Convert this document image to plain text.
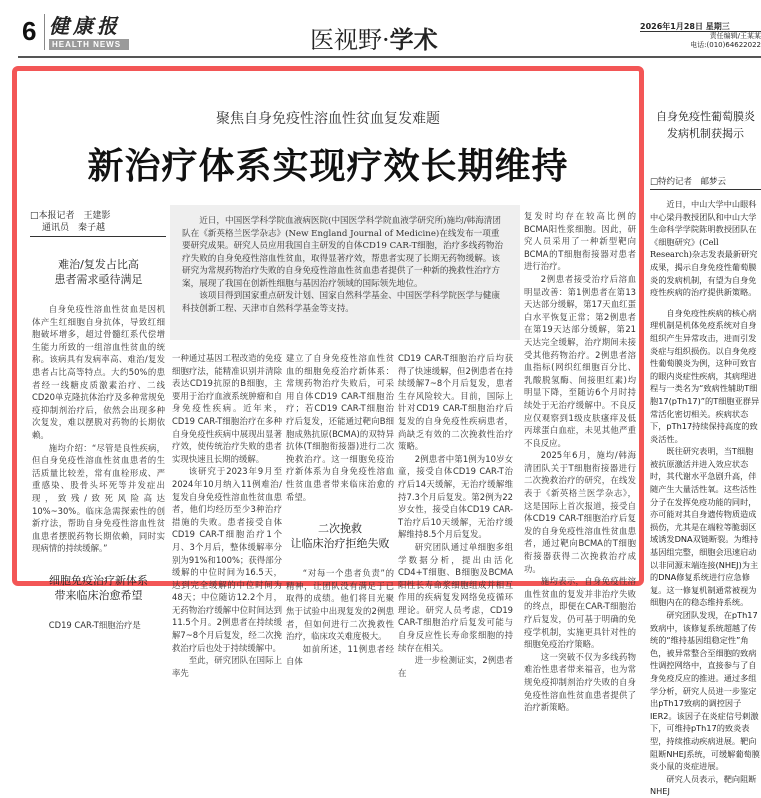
6 健康报
HEALTH NEWS	医视野·学术	2026年1月28日 星期三
责任编辑/王某某
电话:(010)64622022
聚焦自身免疫性溶血性贫血复发难题
新治疗体系实现疗效长期维持
□本报记者　王建影
通讯员　秦子越

近日，中国医学科学院血液病医院(中国医学科学院血液学研究所)施均/韩海清团队在《新英格兰医学杂志》(New England Journal of Medicine)在线发布一项重要研究成果。研究人员应用我国自主研发的自体CD19 CAR-T细胞，治疗多线药物治疗失败的自身免疫性溶血性贫血，取得显著疗效，帮患者实现了长期无药物缓解。该研究为常规药物治疗失败的自身免疫性溶血性贫血患者提供了一种新的挽救性治疗方案，展现了我国在创新性细胞与基因治疗领域的国际领先地位。

该项目得到国家重点研发计划、国家自然科学基金、中国医学科学院医学与健康科技创新工程、天津市自然科学基金等支持。

难治/复发占比高
患者需求亟待满足

自身免疫性溶血性贫血是因机体产生红细胞自身抗体，导致红细胞破坏增多，超过骨髓红系代偿增生能力所致的一组溶血性贫血的统称。该病具有发病率高、难治/复发患者占比高等特点。大约50%的患者经一线糖皮质激素治疗、二线CD20单克隆抗体治疗及多种常规免疫抑制剂治疗后，依然会出现多种次复发，难以摆脱对药物的长期依赖。

施均介绍：“尽管是良性疾病，但自身免疫性溶血性贫血患者的生活质量比较差，常有血栓形成、严重感染、股骨头坏死等并发症出现，致残/致死风险高达10%~30%。临床急需探索性的创新疗法，帮助自身免疫性溶血性贫血患者摆脱药物长期依赖，同时实现病情的持续缓解。”

细胞免疫治疗新体系
带来临床治愈希望

CD19 CAR-T细胞治疗是

一种通过基因工程改造的免疫细胞疗法，能精准识别并清除表达CD19抗原的B细胞，主要用于治疗血液系统肿瘤和自身免疫性疾病。近年来，CD19 CAR-T细胞治疗在多种自身免疫性疾病中展现出显著疗效，使传统治疗失败的患者实现快速且长期的缓解。

该研究于2023年9月至2024年10月纳入11例难治/复发自身免疫性溶血性贫血患者，他们均经历至少3种治疗措施的失败。患者接受自体CD19 CAR-T细胞治疗1个月、3个月后，整体缓解率分别为91%和100%；获得部分缓解的中位时间为16.5天，达到完全缓解的中位时间为48天；中位随访12.2个月，无药物治疗缓解中位时间达到11.5个月。2例患者在持续缓解7~8个月后复发，经二次挽救治疗后也处于持续缓解中。

至此，研究团队在国际上率先

建立了自身免疫性溶血性贫血的细胞免疫治疗新体系：常规药物治疗失败后，可采用自体CD19 CAR-T细胞治疗；若CD19 CAR-T细胞治疗后复发，还能通过靶向B细胞成熟抗原(BCMA)的双特异抗体(T细胞衔接器)进行二次挽救治疗。这一细胞免疫治疗新体系为自身免疫性溶血性贫血患者带来临床治愈的希望。

二次挽救
让临床治疗拒绝失败

“对每一个患者负责”的精神，让团队没有满足于已取得的成绩。他们将目光聚焦于试验中出现复发的2例患者，但如何进行二次挽救性治疗，临床攻关难度极大。

如前所述，11例患者经自体

CD19 CAR-T细胞治疗后均获得了快速缓解，但2例患者在持续缓解7~8个月后复发，患者生存风险较大。目前，国际上针对CD19 CAR-T细胞治疗后复发的自身免疫性疾病患者，尚缺乏有效的二次挽救性治疗策略。

2例患者中第1例为10岁女童，接受自体CD19 CAR-T治疗后14天缓解，无治疗缓解维持7.3个月后复发。第2例为22岁女性，接受自体CD19 CAR-T治疗后10天缓解，无治疗缓解维持8.5个月后复发。

研究团队通过单细胞多组学数据分析，提出由活化CD4+T细胞、B细胞及BCMA阳性长寿命浆细胞组成并相互作用的疾病复发网络免疫循环理论。研究人员考虑，CD19 CAR-T细胞治疗后复发可能与自身反应性长寿命浆细胞的持续存在相关。

进一步检测证实，2例患者在

复发时均存在较高比例的BCMA阳性浆细胞。因此，研究人员采用了一种新型靶向BCMA的T细胞衔接器对患者进行治疗。

2例患者接受治疗后溶血明显改善：第1例患者在第13天达部分缓解，第17天血红蛋白水平恢复正常；第2例患者在第19天达部分缓解，第21天达完全缓解，治疗期间未接受其他药物治疗。2例患者溶血指标(网织红细胞百分比、乳酸脱氢酶、间接胆红素)均明显下降，至随访6个月时持续处于无治疗缓解中。不良反应仅观察到1级皮肤瘙痒及低丙球蛋白血症，未见其他严重不良反应。

2025年6月，施均/韩海清团队关于T细胞衔接器进行二次挽救治疗的研究，在线发表于《新英格兰医学杂志》，这是国际上首次报道，接受自体CD19 CAR-T细胞治疗后复发的自身免疫性溶血性贫血患者，通过靶向BCMA的T细胞衔接器获得二次挽救治疗成功。

施均表示，自身免疫性溶血性贫血的复发并非治疗失败的终点，即便在CAR-T细胞治疗后复发，仍可基于明确的免疫学机制，实施更具针对性的细胞免疫治疗策略。

这一突破不仅为多线药物难治性患者带来福音，也为常规免疫抑制剂治疗失败的自身免疫性溶血性贫血患者提供了治疗新策略。

自身免疫性葡萄膜炎
发病机制获揭示
□特约记者　邮梦云

近日，中山大学中山眼科中心梁丹教授团队和中山大学生命科学学院陈明教授团队在《细胞研究》(Cell Research)杂志发表最新研究成果，揭示自身免疫性葡萄膜炎的发病机制，有望为自身免疫性疾病的治疗提供新策略。

自身免疫性疾病的核心病理机制是机体免疫系统对自身组织产生异常攻击，进而引发炎症与组织损伤。以自身免疫性葡萄膜炎为例，这种可致盲的眼内炎症性疾病，其病理进程与一类名为“致病性辅助T细胞17(pTh17)”的T细胞亚群异常活化密切相关。疾病状态下，pTh17持续保持高度的致炎活性。

既往研究表明，当T细胞被抗原激活并进入效应状态时，其代谢水平急剧升高，伴随产生大量活性氧。这些活性分子在发挥免疫功能的同时，亦可能对其自身遗传物质造成损伤，尤其是在端粒等脆弱区域诱发DNA双链断裂。为维持基因组完整，细胞会迅速启动以非同源末端连接(NHEJ)为主的DNA修复系统进行应急修复。这一修复机制通常被视为细胞内在的稳态维持系统。

研究团队发现，在pTh17致病中，该修复系统超越了传统的“维持基因组稳定性”角色，被异常整合至细胞的致病性调控网络中，直接参与了自身免疫反应的推进。通过多组学分析，研究人员进一步鉴定出pTh17致病的调控因子IER2。该因子在炎症信号刺激下，可维持pTh17的致炎表型，持续推动疾病进展。靶向阻断NHEJ系统，可缓解葡萄膜炎小鼠的炎症进展。

研究人员表示，靶向阻断NHEJ
